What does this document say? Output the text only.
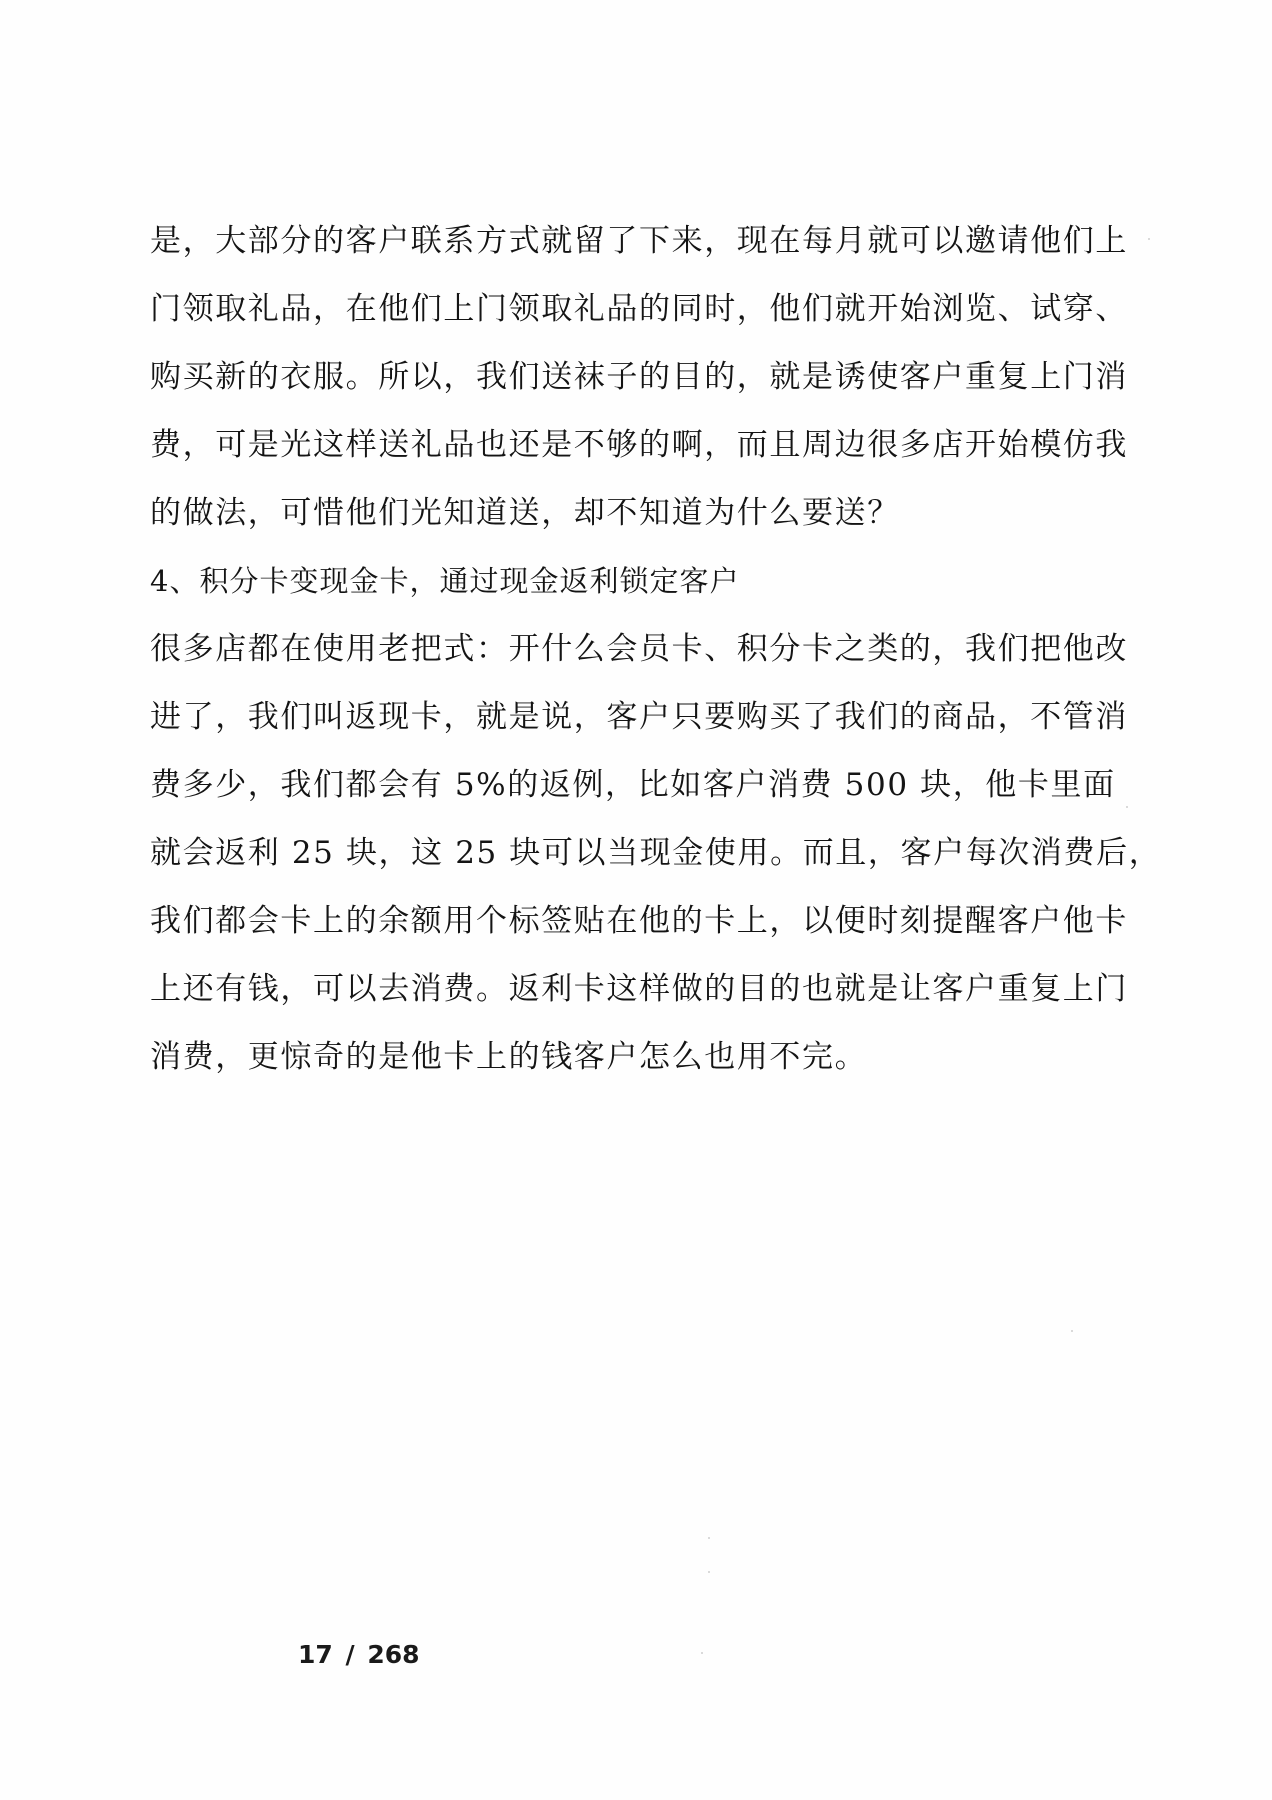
是，大部分的客户联系方式就留了下来，现在每月就可以邀请他们上
门领取礼品，在他们上门领取礼品的同时，他们就开始浏览、试穿、
购买新的衣服。所以，我们送袜子的目的，就是诱使客户重复上门消
费，可是光这样送礼品也还是不够的啊，而且周边很多店开始模仿我
的做法，可惜他们光知道送，却不知道为什么要送？
4、积分卡变现金卡，通过现金返利锁定客户
很多店都在使用老把式：开什么会员卡、积分卡之类的，我们把他改
进了，我们叫返现卡，就是说，客户只要购买了我们的商品，不管消
费多少，我们都会有 5%的返例，比如客户消费 500 块，他卡里面
就会返利 25 块，这 25 块可以当现金使用。而且，客户每次消费后，
我们都会卡上的余额用个标签贴在他的卡上，以便时刻提醒客户他卡
上还有钱，可以去消费。返利卡这样做的目的也就是让客户重复上门
消费，更惊奇的是他卡上的钱客户怎么也用不完。
17 / 268
